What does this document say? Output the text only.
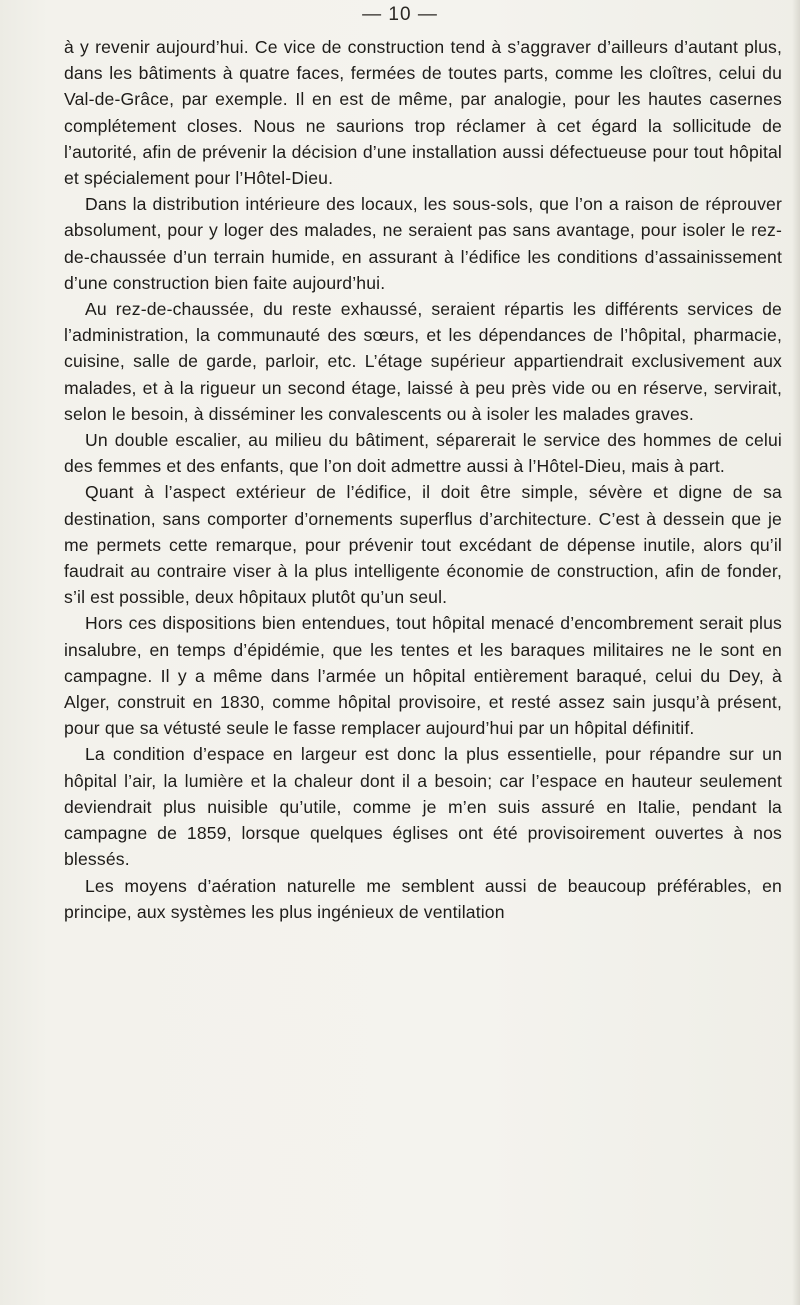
— 10 —

à y revenir aujourd’hui. Ce vice de construction tend à s’aggraver d’ailleurs d’autant plus, dans les bâtiments à quatre faces, fermées de toutes parts, comme les cloîtres, celui du Val-de-Grâce, par exemple. Il en est de même, par analogie, pour les hautes casernes complétement closes. Nous ne saurions trop réclamer à cet égard la sollicitude de l’autorité, afin de prévenir la décision d’une installation aussi défectueuse pour tout hôpital et spécialement pour l’Hôtel-Dieu.

Dans la distribution intérieure des locaux, les sous-sols, que l’on a raison de réprouver absolument, pour y loger des malades, ne seraient pas sans avantage, pour isoler le rez-de-chaussée d’un terrain humide, en assurant à l’édifice les conditions d’assainissement d’une construction bien faite aujourd’hui.

Au rez-de-chaussée, du reste exhaussé, seraient répartis les différents services de l’administration, la communauté des sœurs, et les dépendances de l’hôpital, pharmacie, cuisine, salle de garde, parloir, etc. L’étage supérieur appartiendrait exclusivement aux malades, et à la rigueur un second étage, laissé à peu près vide ou en réserve, servirait, selon le besoin, à disséminer les convalescents ou à isoler les malades graves.

Un double escalier, au milieu du bâtiment, séparerait le service des hommes de celui des femmes et des enfants, que l’on doit admettre aussi à l’Hôtel-Dieu, mais à part.

Quant à l’aspect extérieur de l’édifice, il doit être simple, sévère et digne de sa destination, sans comporter d’ornements superflus d’architecture. C’est à dessein que je me permets cette remarque, pour prévenir tout excédant de dépense inutile, alors qu’il faudrait au contraire viser à la plus intelligente économie de construction, afin de fonder, s’il est possible, deux hôpitaux plutôt qu’un seul.

Hors ces dispositions bien entendues, tout hôpital menacé d’encombrement serait plus insalubre, en temps d’épidémie, que les tentes et les baraques militaires ne le sont en campagne. Il y a même dans l’armée un hôpital entièrement baraqué, celui du Dey, à Alger, construit en 1830, comme hôpital provisoire, et resté assez sain jusqu’à présent, pour que sa vétusté seule le fasse remplacer aujourd’hui par un hôpital définitif.

La condition d’espace en largeur est donc la plus essentielle, pour répandre sur un hôpital l’air, la lumière et la chaleur dont il a besoin; car l’espace en hauteur seulement deviendrait plus nuisible qu’utile, comme je m’en suis assuré en Italie, pendant la campagne de 1859, lorsque quelques églises ont été provisoirement ouvertes à nos blessés.

Les moyens d’aération naturelle me semblent aussi de beaucoup préférables, en principe, aux systèmes les plus ingénieux de ventilation
